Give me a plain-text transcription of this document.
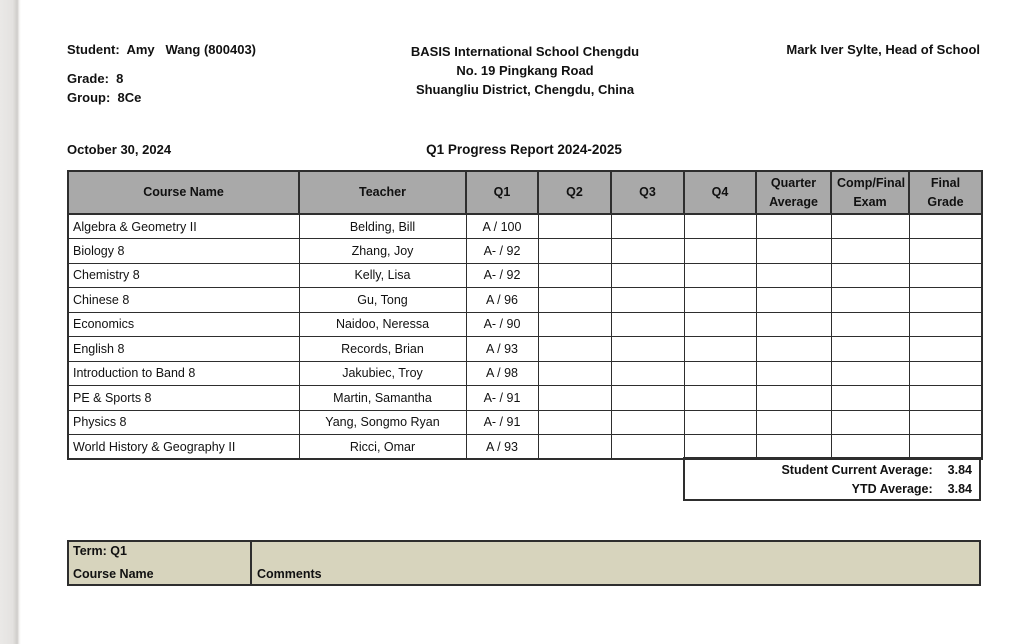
Student:  Amy   Wang (800403)
Grade:  8
Group:  8Ce
BASIS International School Chengdu
No. 19 Pingkang Road
Shuangliu District, Chengdu, China
Mark Iver Sylte, Head of School
Q1 Progress Report 2024-2025
October 30, 2024
Course Name	Teacher	Q1	Q2	Q3	Q4	Quarter Average	Comp/Final Exam	Final Grade
Algebra & Geometry II	Belding, Bill	A / 100						
Biology 8	Zhang, Joy	A- / 92						
Chemistry 8	Kelly, Lisa	A- / 92						
Chinese 8	Gu, Tong	A / 96						
Economics	Naidoo, Neressa	A- / 90						
English 8	Records, Brian	A / 93						
Introduction to Band 8	Jakubiec, Troy	A / 98						
PE & Sports 8	Martin, Samantha	A- / 91						
Physics 8	Yang, Songmo Ryan	A- / 91						
World History & Geography II	Ricci, Omar	A / 93						
Student Current Average: 3.84
YTD Average: 3.84
Term: Q1
Course Name	Comments
